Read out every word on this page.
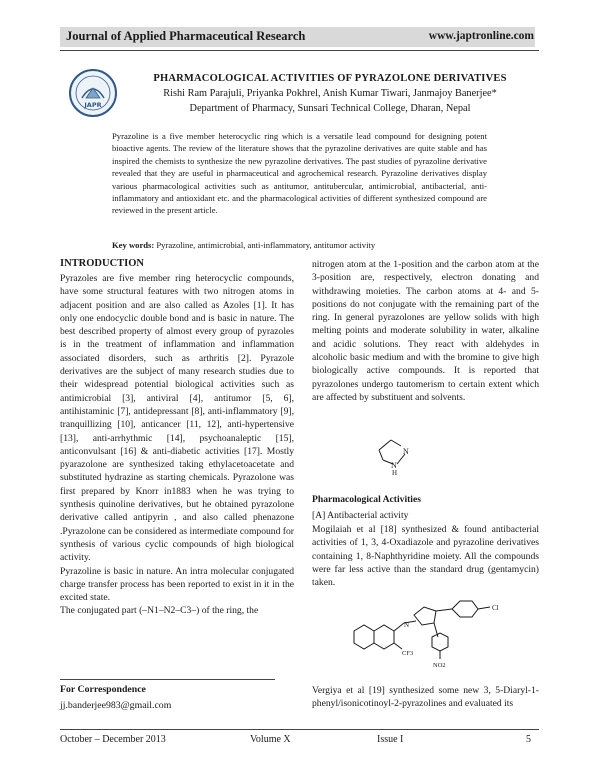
Journal of Applied Pharmaceutical Research	www.japtronline.com
JAPR
PHARMACOLOGICAL ACTIVITIES OF PYRAZOLONE DERIVATIVES
Rishi Ram Parajuli, Priyanka Pokhrel, Anish Kumar Tiwari, Janmajoy Banerjee*
Department of Pharmacy, Sunsari Technical College, Dharan, Nepal
Pyrazoline is a five member heterocyclic ring which is a versatile lead compound for designing potent bioactive agents. The review of the literature shows that the pyrazoline derivatives are quite stable and has inspired the chemists to synthesize the new pyrazoline derivatives. The past studies of pyrazoline derivative revealed that they are useful in pharmaceutical and agrochemical research. Pyrazoline derivatives display various pharmacological activities such as antitumor, antitubercular, antimicrobial, antibacterial, anti-inflammatory and antioxidant etc. and the pharmacological activities of different synthesized compound are reviewed in the present article.
Key words: Pyrazoline, antimicrobial, anti-inflammatory, antitumor activity
INTRODUCTION

Pyrazoles are five member ring heterocyclic compounds, have some structural features with two nitrogen atoms in adjacent position and are also called as Azoles [1]. It has only one endocyclic double bond and is basic in nature. The best described property of almost every group of pyrazoles is in the treatment of inflammation and inflammation associated disorders, such as arthritis [2]. Pyrazole derivatives are the subject of many research studies due to their widespread potential biological activities such as antimicrobial [3], antiviral [4], antitumor [5, 6], antihistaminic [7], antidepressant [8], anti-inflammatory [9], tranquillizing [10], anticancer [11, 12], anti-hypertensive [13], anti-arrhythmic [14], psychoanaleptic [15], anticonvulsant [16] & anti-diabetic activities [17]. Mostly pyarazolone are synthesized taking ethylacetoacetate and substituted hydrazine as starting chemicals. Pyrazolone was first prepared by Knorr in1883 when he was trying to synthesis quinoline derivatives, but he obtained pyrazolone derivative called antipyrin , and also called phenazone .Pyrazolone can be considered as intermediate compound for synthesis of various cyclic compounds of high biological activity.

Pyrazoline is basic in nature. An intra molecular conjugated charge transfer process has been reported to exist in it in the excited state.

The conjugated part (–N1–N2–C3–) of the ring, the

For Correspondence
jj.banderjee983@gmail.com
nitrogen atom at the 1-position and the carbon atom at the 3-position are, respectively, electron donating and withdrawing moieties. The carbon atoms at 4- and 5-positions do not conjugate with the remaining part of the ring. In general pyrazolones are yellow solids with high melting points and moderate solubility in water, alkaline and acidic solutions. They react with aldehydes in alcoholic basic medium and with the bromine to give high biologically active compounds. It is reported that pyrazolones undergo tautomerism to certain extent which are affected by substituent and solvents.
N
N
H
Pharmacological Activities
[A] Antibacterial activity
Mogilaiah et al [18] synthesized & found antibacterial activities of 1, 3, 4-Oxadiazole and pyrazoline derivatives containing 1, 8-Naphthyridine moiety. All the compounds were far less active than the standard drug (gentamycin) taken.
N
Cl
CF3
NO2
Vergiya et al [19] synthesized some new 3, 5-Diaryl-1-phenyl/isonicotinoyl-2-pyrazolines and evaluated its
October – December 2013	Volume X	Issue I	5
